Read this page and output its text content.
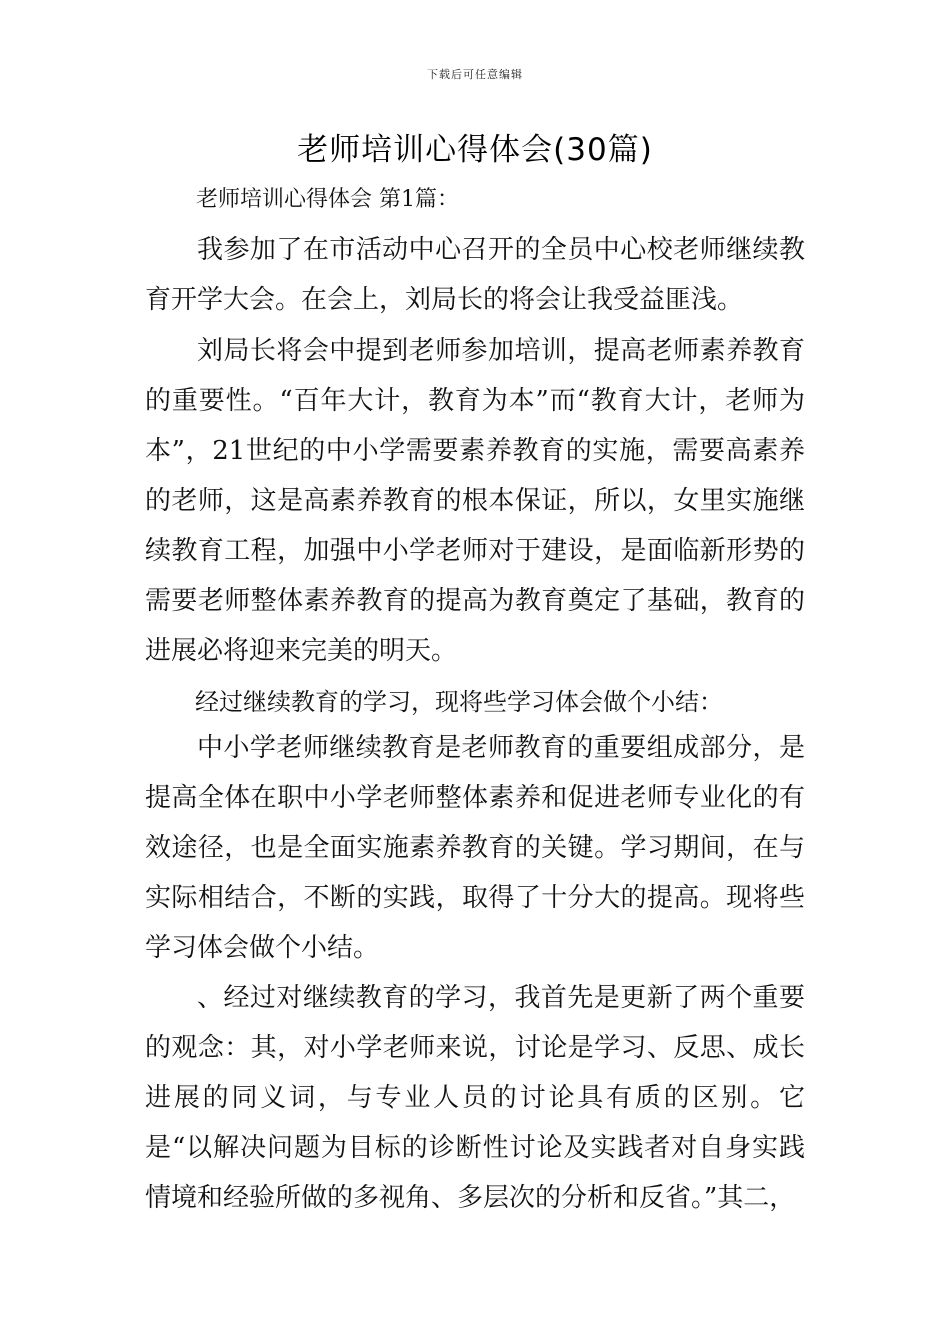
下载后可任意编辑
老师培训心得体会(30篇)
老师培训心得体会 第1篇：
我参加了在市活动中心召开的全员中心校老师继续教育开学大会。在会上，刘局长的将会让我受益匪浅。
刘局长将会中提到老师参加培训，提高老师素养教育的重要性。“百年大计，教育为本”而“教育大计，老师为本”，21世纪的中小学需要素养教育的实施，需要高素养的老师，这是高素养教育的根本保证，所以，女里实施继续教育工程，加强中小学老师对于建设，是面临新形势的需要老师整体素养教育的提高为教育奠定了基础，教育的进展必将迎来完美的明天。
经过继续教育的学习，现将些学习体会做个小结：
中小学老师继续教育是老师教育的重要组成部分，是提高全体在职中小学老师整体素养和促进老师专业化的有效途径，也是全面实施素养教育的关键。学习期间，在与实际相结合，不断的实践，取得了十分大的提高。现将些学习体会做个小结。
、经过对继续教育的学习，我首先是更新了两个重要的观念：其，对小学老师来说，讨论是学习、反思、成长进展的同义词，与专业人员的讨论具有质的区别。它是“以解决问题为目标的诊断性讨论及实践者对自身实践情境和经验所做的多视角、多层次的分析和反省。”其二，
